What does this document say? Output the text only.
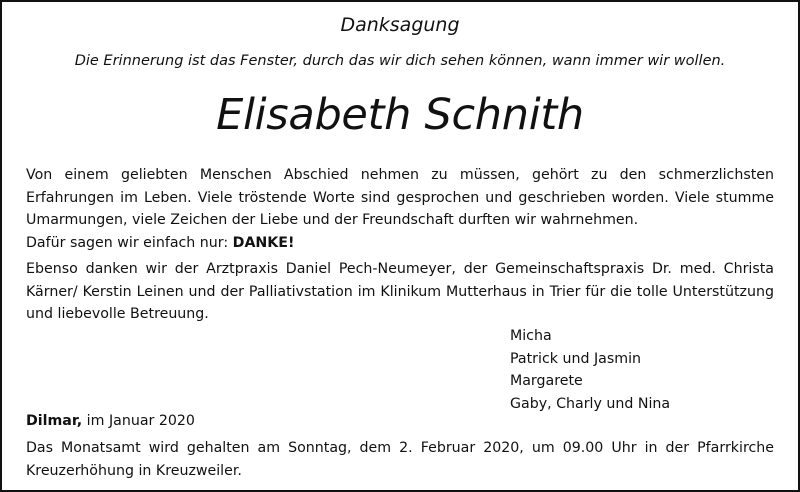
Danksagung
Die Erinnerung ist das Fenster, durch das wir dich sehen können, wann immer wir wollen.
Elisabeth Schnith
Von einem geliebten Menschen Abschied nehmen zu müssen, gehört zu den schmerzlichsten Erfahrungen im Leben. Viele tröstende Worte sind gesprochen und geschrieben worden. Viele stumme Umarmungen, viele Zeichen der Liebe und der Freundschaft durften wir wahrnehmen.
Dafür sagen wir einfach nur: DANKE!
Ebenso danken wir der Arztpraxis Daniel Pech-Neumeyer, der Gemeinschaftspraxis Dr. med. Christa Kärner/ Kerstin Leinen und der Palliativstation im Klinikum Mutterhaus in Trier für die tolle Unterstützung und liebevolle Betreuung.
Micha
Patrick und Jasmin
Margarete
Gaby, Charly und Nina
Dilmar, im Januar 2020
Das Monatsamt wird gehalten am Sonntag, dem 2. Februar 2020, um 09.00 Uhr in der Pfarrkirche Kreuzerhöhung in Kreuzweiler.
